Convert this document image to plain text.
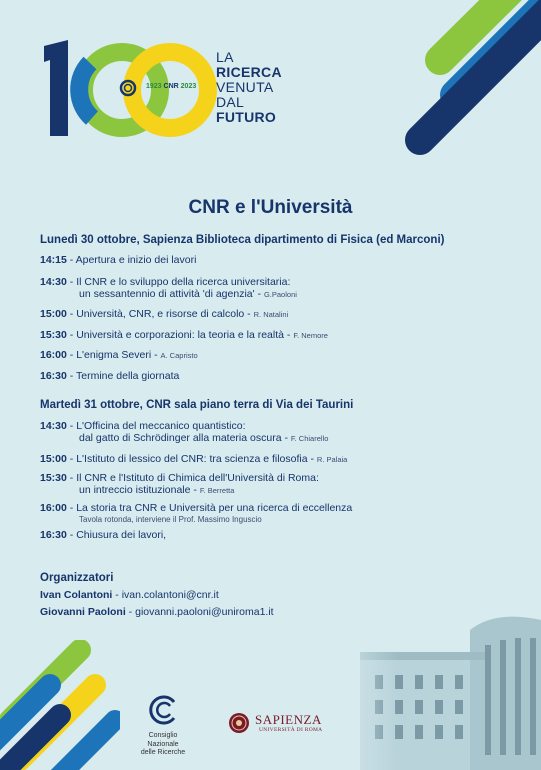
1923 CNR 2023
LA
RICERCA
VENUTA
DAL
FUTURO
CNR e l'Università
Lunedì 30 ottobre, Sapienza Biblioteca dipartimento di Fisica (ed Marconi)
14:15 - Apertura e inizio dei lavori
14:30 - Il CNR e lo sviluppo della ricerca universitaria:
un sessantennio di attività 'di agenzia' - G.Paoloni
15:00 - Università, CNR, e risorse di calcolo - R. Natalini
15:30 - Università e corporazioni: la teoria e la realtà - F. Nemore
16:00 - L'enigma Severi - A. Capristo
16:30 - Termine della giornata
Martedì 31 ottobre, CNR sala piano terra di Via dei Taurini
14:30 - L'Officina del meccanico quantistico:
dal gatto di Schrödinger alla materia oscura - F. Chiarello
15:00 - L'Istituto di lessico del CNR: tra scienza e filosofia - R. Palaia
15:30 - Il CNR e l'Istituto di Chimica dell'Università di Roma:
un intreccio istituzionale - F. Berretta
16:00 - La storia tra CNR e Università per una ricerca di eccellenza
Tavola rotonda, interviene il Prof. Massimo Inguscio
16:30 - Chiusura dei lavori,
Organizzatori
Ivan Colantoni - ivan.colantoni@cnr.it
Giovanni Paoloni - giovanni.paoloni@uniroma1.it
Consiglio Nazionale
delle Ricerche
SAPIENZA
UNIVERSITÀ DI ROMA
